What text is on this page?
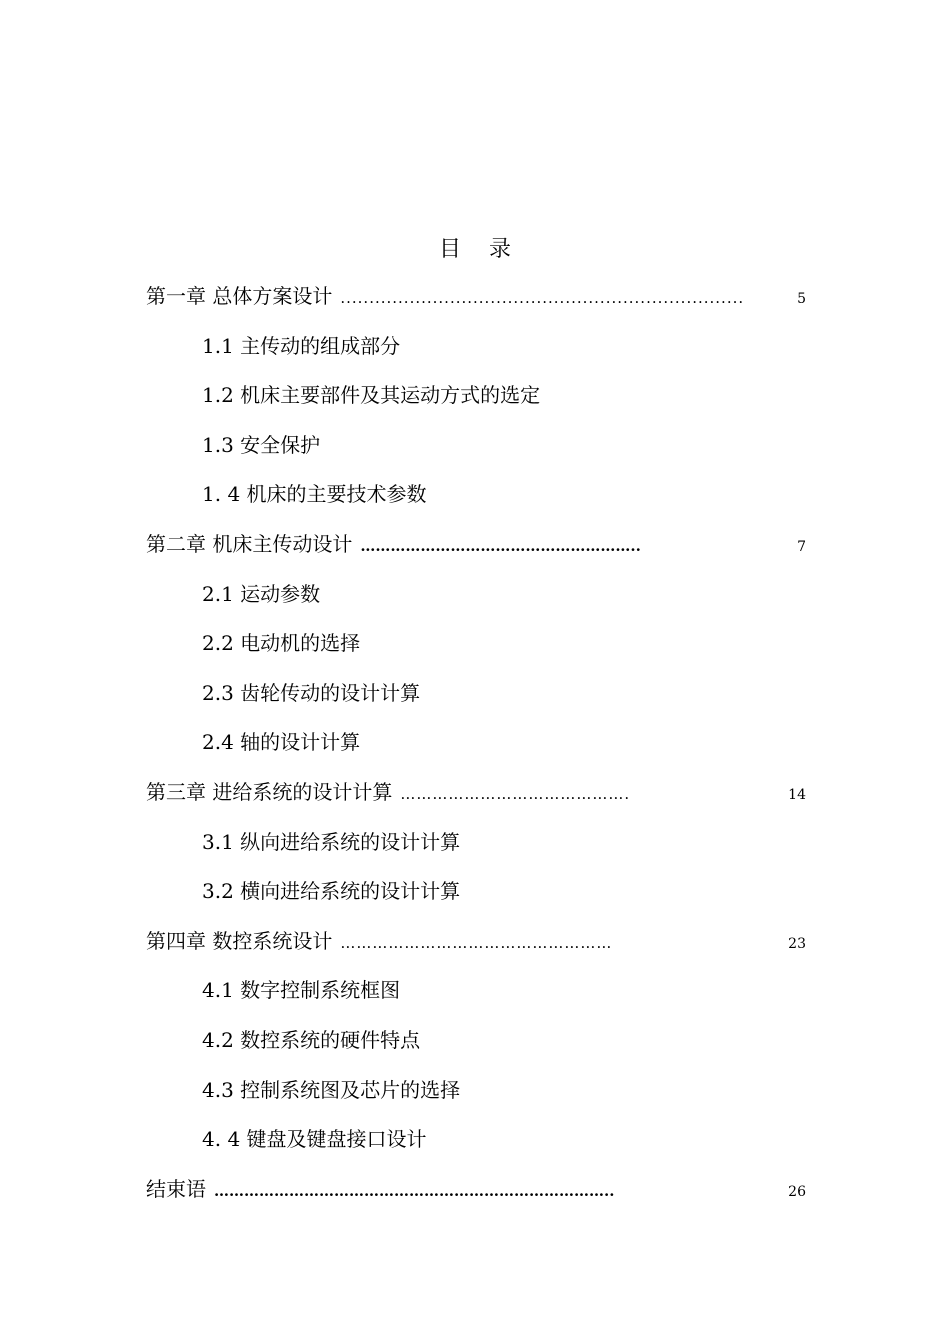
目 录
第一章 总体方案设计 ......................................................................	5
1.1 主传动的组成部分
1.2 机床主要部件及其运动方式的选定
1.3 安全保护
1. 4 机床的主要技术参数
第二章 机床主传动设计 ………………………………………………..	7
2.1 运动参数
2.2 电动机的选择
2.3 齿轮传动的设计计算
2.4 轴的设计计算
第三章 进给系统的设计计算 …………………………………….	14
3.1 纵向进给系统的设计计算
3.2 横向进给系统的设计计算
第四章 数控系统设计 ……………………………………………	23
4.1 数字控制系统框图
4.2 数控系统的硬件特点
4.3 控制系统图及芯片的选择
4. 4 键盘及键盘接口设计
结束语 ……………………………………………………………………..	26
